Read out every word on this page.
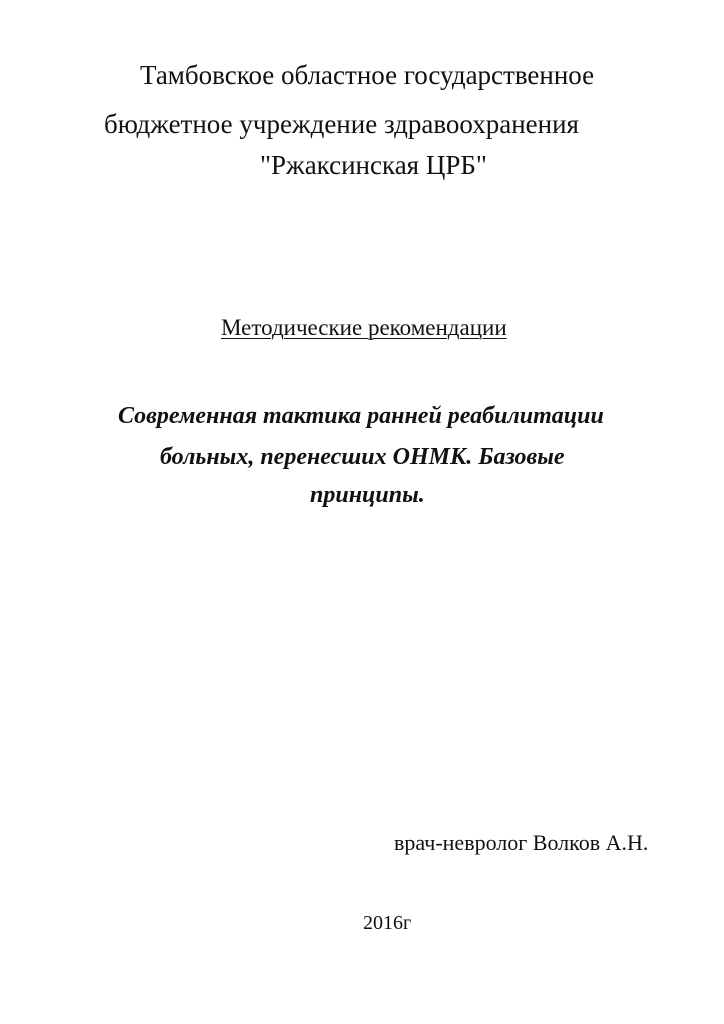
Тамбовское областное государственное
бюджетное учреждение здравоохранения
"Ржаксинская ЦРБ"
Методические рекомендации
Современная тактика ранней реабилитации
больных, перенесших ОНМК. Базовые
принципы.
врач-невролог Волков А.Н.
2016г
